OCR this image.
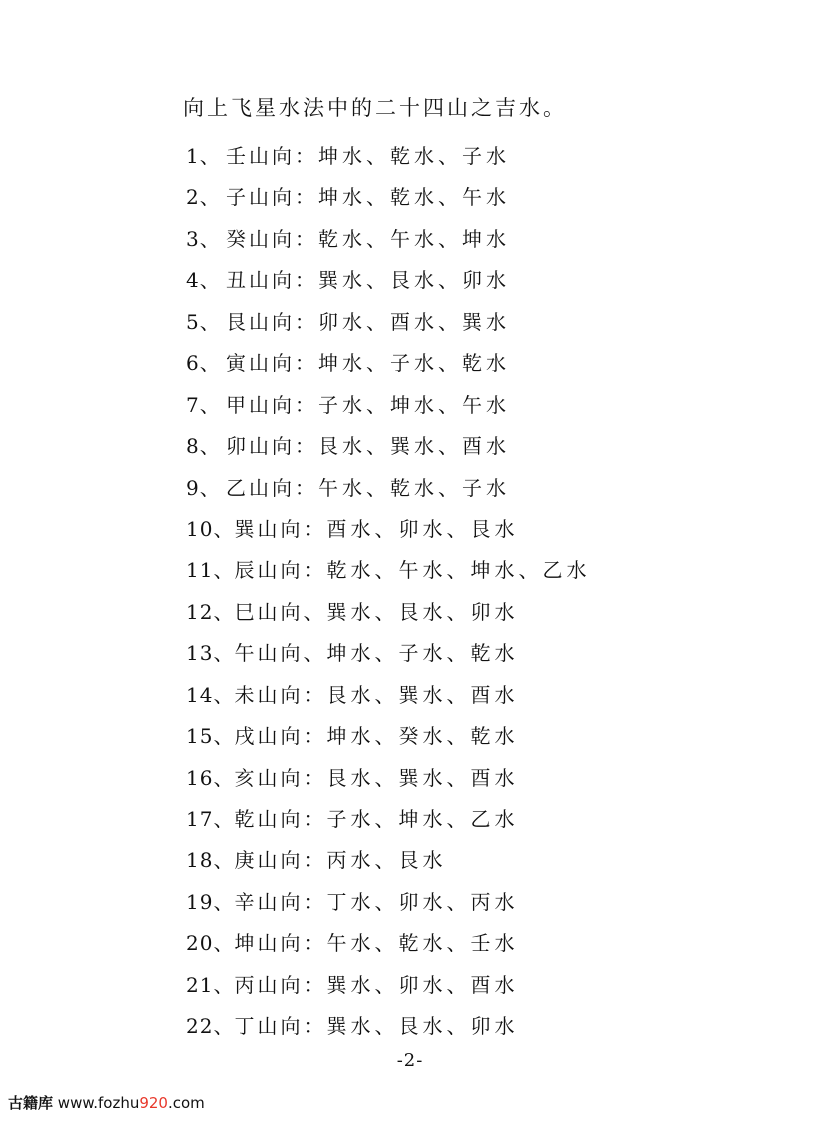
向上飞星水法中的二十四山之吉水。
1、 壬山向： 坤水、乾水、子水
2、 子山向： 坤水、乾水、午水
3、 癸山向： 乾水、午水、坤水
4、 丑山向： 巽水、艮水、卯水
5、 艮山向： 卯水、酉水、巽水
6、 寅山向： 坤水、子水、乾水
7、 甲山向： 子水、坤水、午水
8、 卯山向： 艮水、巽水、酉水
9、 乙山向： 午水、乾水、子水
10、 巽山向： 酉水、卯水、艮水
11、 辰山向： 乾水、午水、坤水、乙水
12、 巳山向、 巽水、艮水、卯水
13、 午山向、 坤水、子水、乾水
14、 未山向： 艮水、巽水、酉水
15、 戌山向： 坤水、癸水、乾水
16、 亥山向： 艮水、巽水、酉水
17、 乾山向： 子水、坤水、乙水
18、 庚山向： 丙水、艮水
19、 辛山向： 丁水、卯水、丙水
20、 坤山向： 午水、乾水、壬水
21、 丙山向： 巽水、卯水、酉水
22、 丁山向： 巽水、艮水、卯水
-2-
古籍库 www.fozhu920.com
